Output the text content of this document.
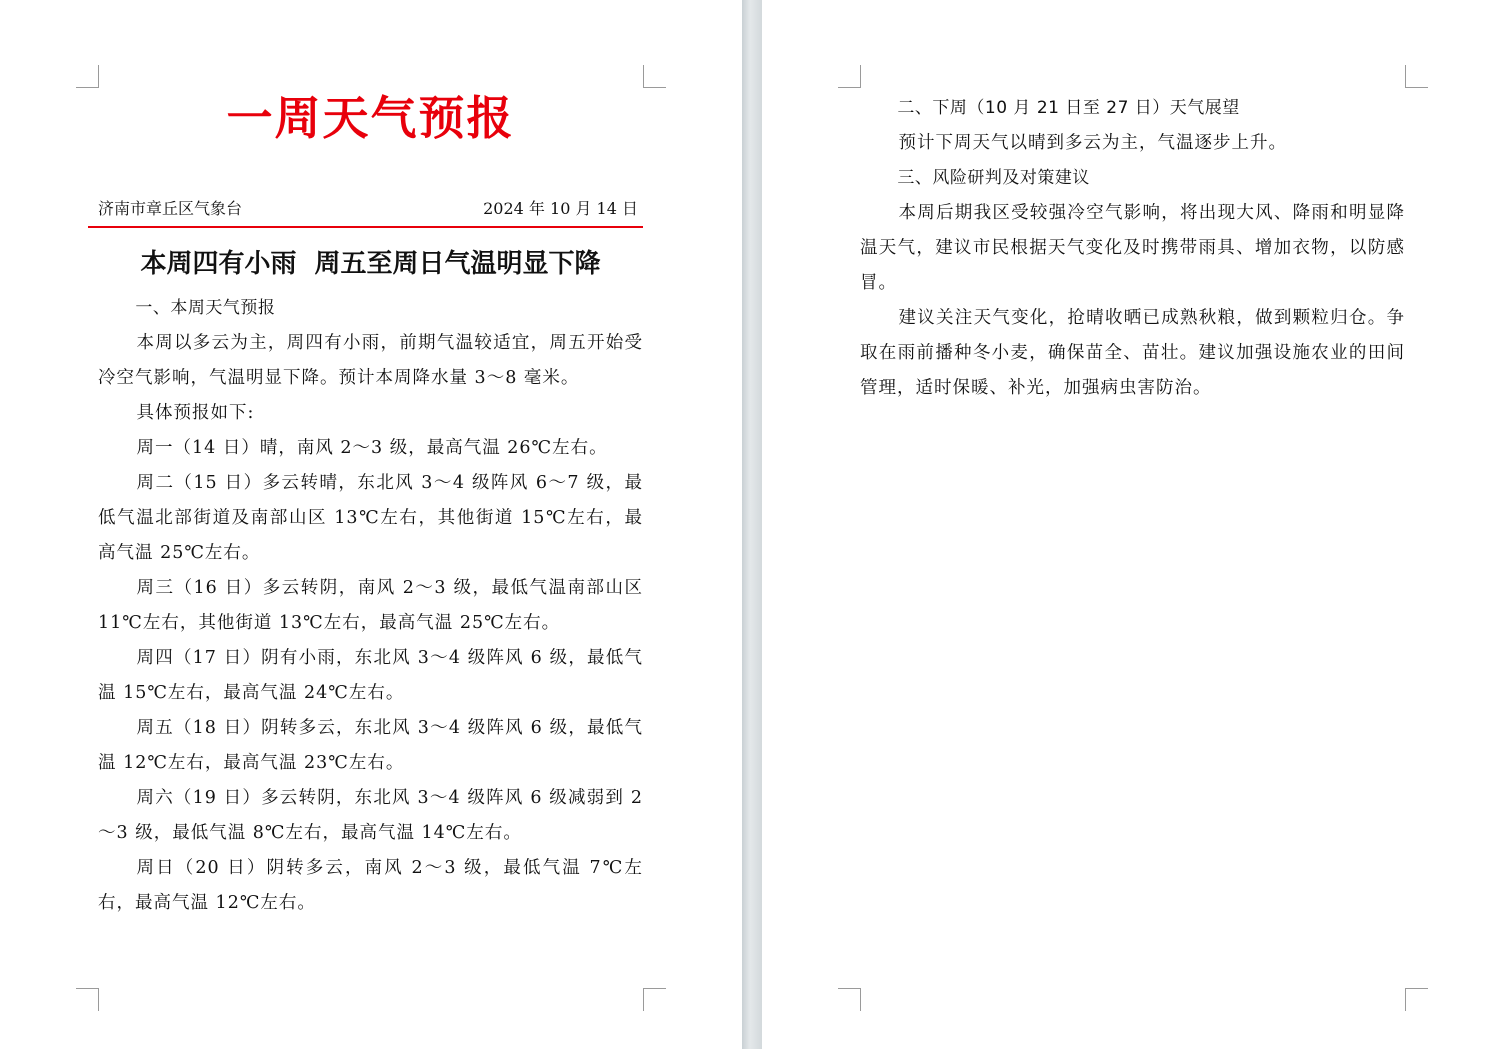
一周天气预报
济南市章丘区气象台	2024 年 10 月 14 日
本周四有小雨  周五至周日气温明显下降

一、本周天气预报

本周以多云为主，周四有小雨，前期气温较适宜，周五开始受冷空气影响，气温明显下降。预计本周降水量 3～8 毫米。

具体预报如下:

周一（14 日）晴，南风 2～3 级，最高气温 26℃左右。

周二（15 日）多云转晴，东北风 3～4 级阵风 6～7 级，最低气温北部街道及南部山区 13℃左右，其他街道 15℃左右，最高气温 25℃左右。

周三（16 日）多云转阴，南风 2～3 级，最低气温南部山区 11℃左右，其他街道 13℃左右，最高气温 25℃左右。

周四（17 日）阴有小雨，东北风 3～4 级阵风 6 级，最低气温 15℃左右，最高气温 24℃左右。

周五（18 日）阴转多云，东北风 3～4 级阵风 6 级，最低气温 12℃左右，最高气温 23℃左右。

周六（19 日）多云转阴，东北风 3～4 级阵风 6 级减弱到 2～3 级，最低气温 8℃左右，最高气温 14℃左右。

周日（20 日）阴转多云，南风 2～3 级，最低气温 7℃左右，最高气温 12℃左右。

二、下周（10 月 21 日至 27 日）天气展望

预计下周天气以晴到多云为主，气温逐步上升。

三、风险研判及对策建议

本周后期我区受较强冷空气影响，将出现大风、降雨和明显降温天气，建议市民根据天气变化及时携带雨具、增加衣物，以防感冒。

建议关注天气变化，抢晴收晒已成熟秋粮，做到颗粒归仓。争取在雨前播种冬小麦，确保苗全、苗壮。建议加强设施农业的田间管理，适时保暖、补光，加强病虫害防治。
